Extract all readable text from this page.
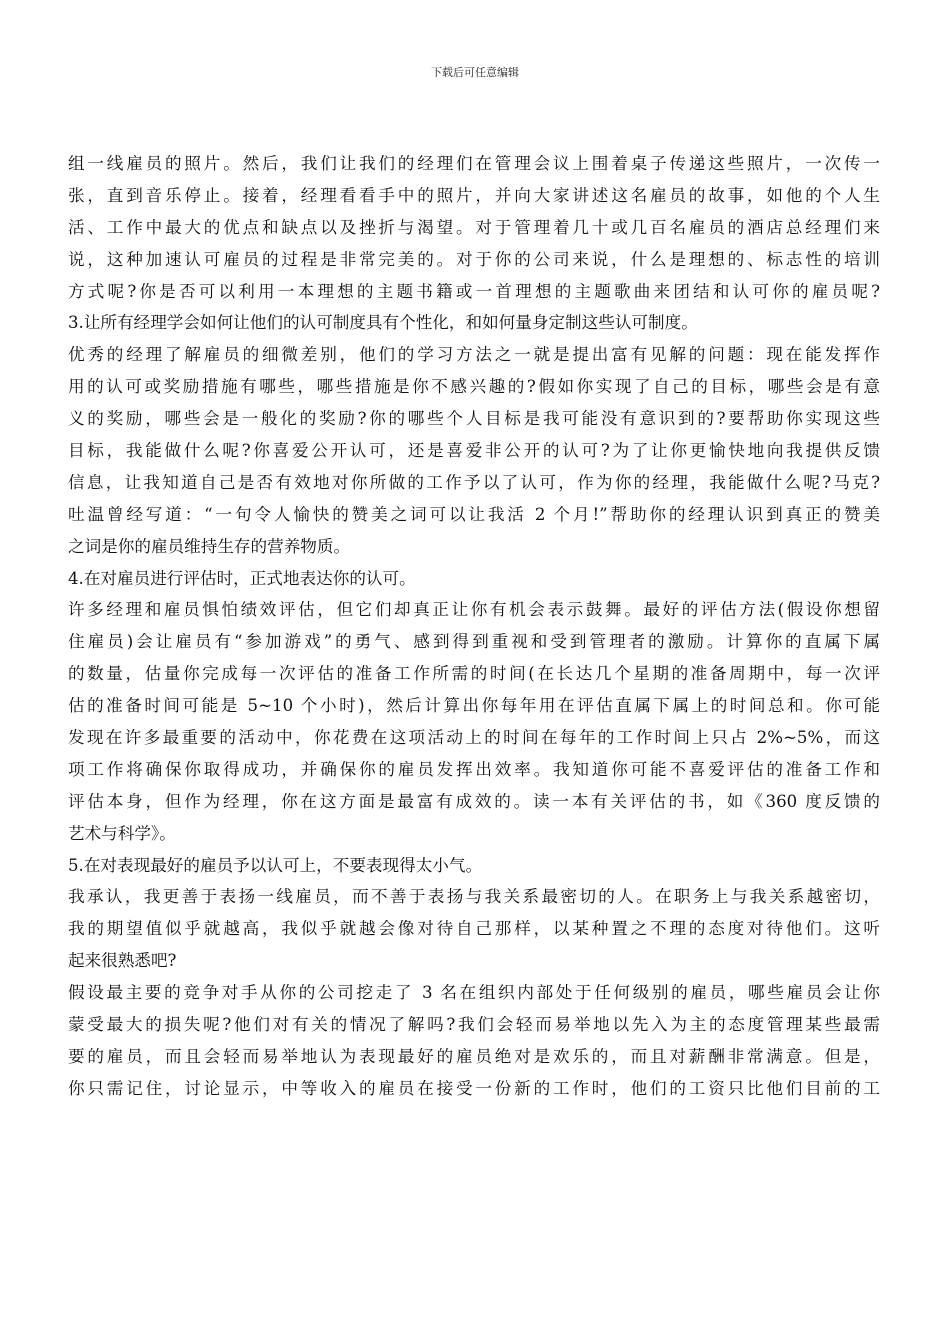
下载后可任意编辑
组一线雇员的照片。然后，我们让我们的经理们在管理会议上围着桌子传递这些照片，一次传一
张，直到音乐停止。接着，经理看看手中的照片，并向大家讲述这名雇员的故事，如他的个人生
活、工作中最大的优点和缺点以及挫折与渴望。对于管理着几十或几百名雇员的酒店总经理们来
说，这种加速认可雇员的过程是非常完美的。对于你的公司来说，什么是理想的、标志性的培训
方式呢?你是否可以利用一本理想的主题书籍或一首理想的主题歌曲来团结和认可你的雇员呢?
3.让所有经理学会如何让他们的认可制度具有个性化，和如何量身定制这些认可制度。
优秀的经理了解雇员的细微差别，他们的学习方法之一就是提出富有见解的问题：现在能发挥作
用的认可或奖励措施有哪些，哪些措施是你不感兴趣的?假如你实现了自己的目标，哪些会是有意
义的奖励，哪些会是一般化的奖励?你的哪些个人目标是我可能没有意识到的?要帮助你实现这些
目标，我能做什么呢?你喜爱公开认可，还是喜爱非公开的认可?为了让你更愉快地向我提供反馈
信息，让我知道自己是否有效地对你所做的工作予以了认可，作为你的经理，我能做什么呢?马克?
吐温曾经写道：“一句令人愉快的赞美之词可以让我活 2 个月!”帮助你的经理认识到真正的赞美
之词是你的雇员维持生存的营养物质。
4.在对雇员进行评估时，正式地表达你的认可。
许多经理和雇员惧怕绩效评估，但它们却真正让你有机会表示鼓舞。最好的评估方法(假设你想留
住雇员)会让雇员有“参加游戏”的勇气、感到得到重视和受到管理者的激励。计算你的直属下属
的数量，估量你完成每一次评估的准备工作所需的时间(在长达几个星期的准备周期中，每一次评
估的准备时间可能是 5~10 个小时)，然后计算出你每年用在评估直属下属上的时间总和。你可能
发现在许多最重要的活动中，你花费在这项活动上的时间在每年的工作时间上只占 2%~5%，而这
项工作将确保你取得成功，并确保你的雇员发挥出效率。我知道你可能不喜爱评估的准备工作和
评估本身，但作为经理，你在这方面是最富有成效的。读一本有关评估的书，如《360 度反馈的
艺术与科学》。
5.在对表现最好的雇员予以认可上，不要表现得太小气。
我承认，我更善于表扬一线雇员，而不善于表扬与我关系最密切的人。在职务上与我关系越密切，
我的期望值似乎就越高，我似乎就越会像对待自己那样，以某种置之不理的态度对待他们。这听
起来很熟悉吧?
假设最主要的竞争对手从你的公司挖走了 3 名在组织内部处于任何级别的雇员，哪些雇员会让你
蒙受最大的损失呢?他们对有关的情况了解吗?我们会轻而易举地以先入为主的态度管理某些最需
要的雇员，而且会轻而易举地认为表现最好的雇员绝对是欢乐的，而且对薪酬非常满意。但是，
你只需记住，讨论显示，中等收入的雇员在接受一份新的工作时，他们的工资只比他们目前的工
